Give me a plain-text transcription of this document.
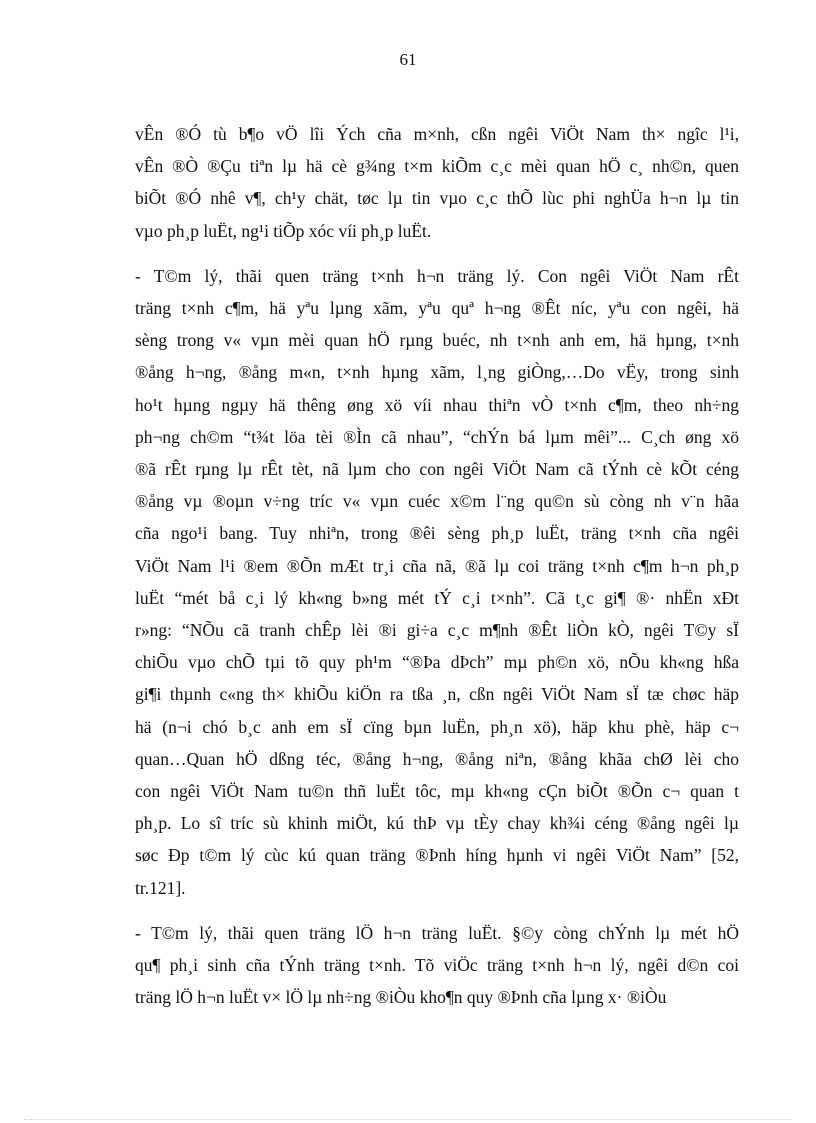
61

vÊn ®Ó tù b¶o vÖ lîi Ých cña m×nh, cßn ngêi ViÖt Nam th× ngîc l¹i,
vÊn ®Ò ®Çu tiªn lµ hä cè g¾ng t×m kiÕm c¸c mèi quan hÖ c¸ nh©n, quen
biÕt ®Ó nhê v¶, ch¹y chät, tøc lµ tin vµo c¸c thÕ lùc phi nghÜa h¬n lµ tin
vµo ph¸p luËt, ng¹i tiÕp xóc víi ph¸p luËt.

- T©m lý, thãi quen träng t×nh h¬n träng lý. Con ngêi ViÖt Nam rÊt
träng t×nh c¶m, hä yªu lµng xãm, yªu quª h¬ng ®Êt níc, yªu con ngêi, hä
sèng trong v« vµn mèi quan hÖ rµng buéc, nh t×nh anh em, hä hµng, t×nh
®ång h¬ng, ®ång m«n, t×nh hµng xãm, l¸ng giÒng,…Do vËy, trong sinh
ho¹t hµng ngµy hä thêng øng xö víi nhau thiªn vÒ t×nh c¶m, theo nh÷ng
ph¬ng ch©m “t¾t löa tèi ®Ìn cã nhau”, “chÝn bá lµm mêi”... C¸ch øng xö
®ã rÊt rµng lµ rÊt tèt, nã lµm cho con ngêi ViÖt Nam cã tÝnh cè kÕt céng
®ång vµ ®oµn v÷ng tríc v« vµn cuéc x©m l¨ng qu©n sù còng nh v¨n hãa
cña ngo¹i bang. Tuy nhiªn, trong ®êi sèng ph¸p luËt, träng t×nh cña ngêi
ViÖt Nam l¹i ®em ®Õn mÆt tr¸i cña nã, ®ã lµ coi träng t×nh c¶m h¬n ph¸p
luËt “mét bå c¸i lý kh«ng b»ng mét tÝ c¸i t×nh”. Cã t¸c gi¶ ®· nhËn xÐt
r»ng: “NÕu cã tranh chÊp lèi ®i gi÷a c¸c m¶nh ®Êt liÒn kÒ, ngêi T©y sÏ
chiÕu vµo chÕ tµi tõ quy ph¹m “®Þa dÞch” mµ ph©n xö, nÕu kh«ng hßa
gi¶i thµnh c«ng th× khiÕu kiÖn ra tßa ¸n, cßn ngêi ViÖt Nam sÏ tæ chøc häp
hä (n¬i chó b¸c anh em sÏ cïng bµn luËn, ph¸n xö), häp khu phè, häp c¬
quan…Quan hÖ dßng téc, ®ång h¬ng, ®ång niªn, ®ång khãa chØ lèi cho
con ngêi ViÖt Nam tu©n thñ luËt tôc, mµ kh«ng cÇn biÕt ®Õn c¬ quan t
ph¸p. Lo sî tríc sù khinh miÖt, kú thÞ vµ tÈy chay kh¾i céng ®ång ngêi lµ
søc Ðp t©m lý cùc kú quan träng ®Þnh híng hµnh vi ngêi ViÖt Nam” [52,
tr.121].

- T©m lý, thãi quen träng lÖ h¬n träng luËt. §©y còng chÝnh lµ mét hÖ
qu¶ ph¸i sinh cña tÝnh träng t×nh. Tõ viÖc träng t×nh h¬n lý, ngêi d©n coi
träng lÖ h¬n luËt v× lÖ lµ nh÷ng ®iÒu kho¶n quy ®Þnh cña lµng x· ®iÒu
